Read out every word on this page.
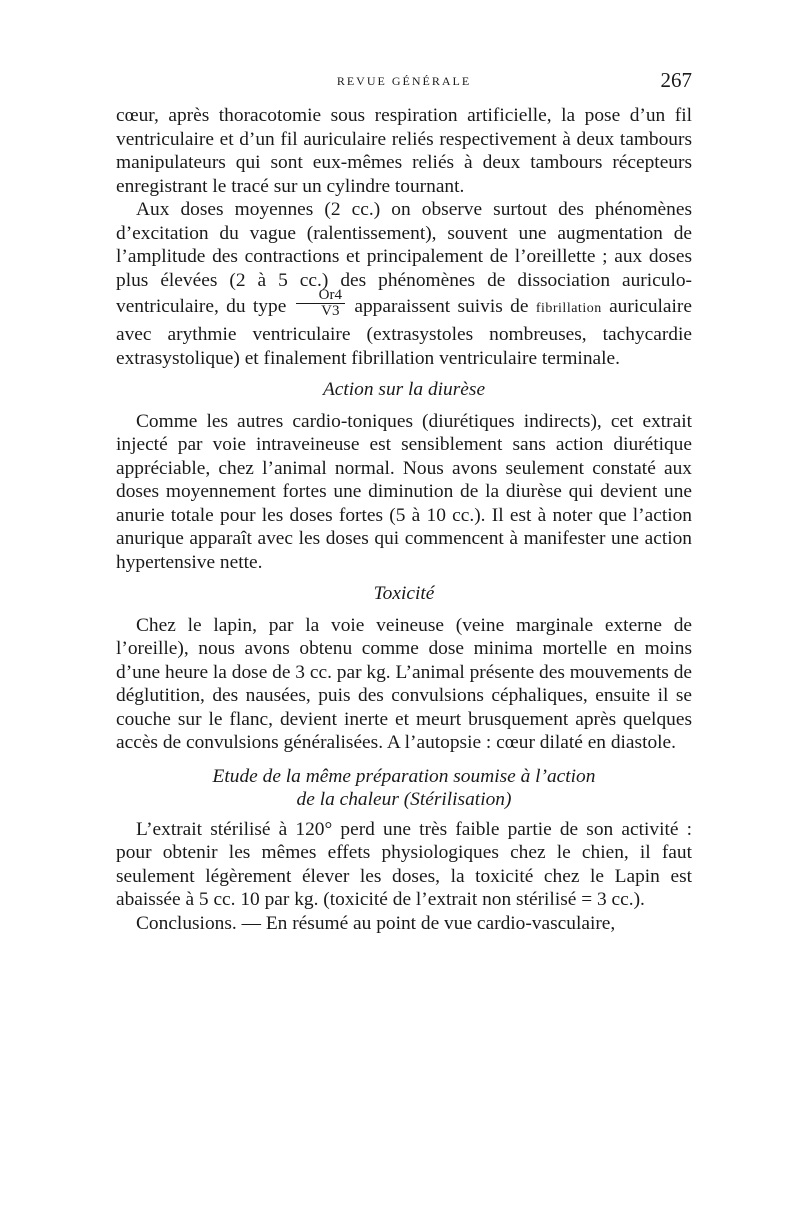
REVUE GÉNÉRALE	267

cœur, après thoracotomie sous respiration artificielle, la pose d’un fil ventriculaire et d’un fil auriculaire reliés respectivement à deux tambours manipulateurs qui sont eux-mêmes reliés à deux tambours récepteurs enregistrant le tracé sur un cylindre tournant.

Aux doses moyennes (2 cc.) on observe surtout des phénomènes d’excitation du vague (ralentissement), souvent une augmentation de l’amplitude des contractions et principalement de l’oreillette ; aux doses plus élevées (2 à 5 cc.) des phénomènes de dissociation auriculo-ventriculaire, du type $\frac{Or4}{V3}$ apparaissent suivis de fibrillation auriculaire avec arythmie ventriculaire (extrasystoles nombreuses, tachycardie extrasystolique) et finalement fibrillation ventriculaire terminale.

Action sur la diurèse

Comme les autres cardio-toniques (diurétiques indirects), cet extrait injecté par voie intraveineuse est sensiblement sans action diurétique appréciable, chez l’animal normal. Nous avons seulement constaté aux doses moyennement fortes une diminution de la diurèse qui devient une anurie totale pour les doses fortes (5 à 10 cc.). Il est à noter que l’action anurique apparaît avec les doses qui commencent à manifester une action hypertensive nette.

Toxicité

Chez le lapin, par la voie veineuse (veine marginale externe de l’oreille), nous avons obtenu comme dose minima mortelle en moins d’une heure la dose de 3 cc. par kg. L’animal présente des mouvements de déglutition, des nausées, puis des convulsions céphaliques, ensuite il se couche sur le flanc, devient inerte et meurt brusquement après quelques accès de convulsions généralisées. A l’autopsie : cœur dilaté en diastole.

Etude de la même préparation soumise à l’action
de la chaleur (Stérilisation)

L’extrait stérilisé à 120° perd une très faible partie de son activité : pour obtenir les mêmes effets physiologiques chez le chien, il faut seulement légèrement élever les doses, la toxicité chez le Lapin est abaissée à 5 cc. 10 par kg. (toxicité de l’extrait non stérilisé = 3 cc.).

Conclusions. — En résumé au point de vue cardio-vasculaire,
